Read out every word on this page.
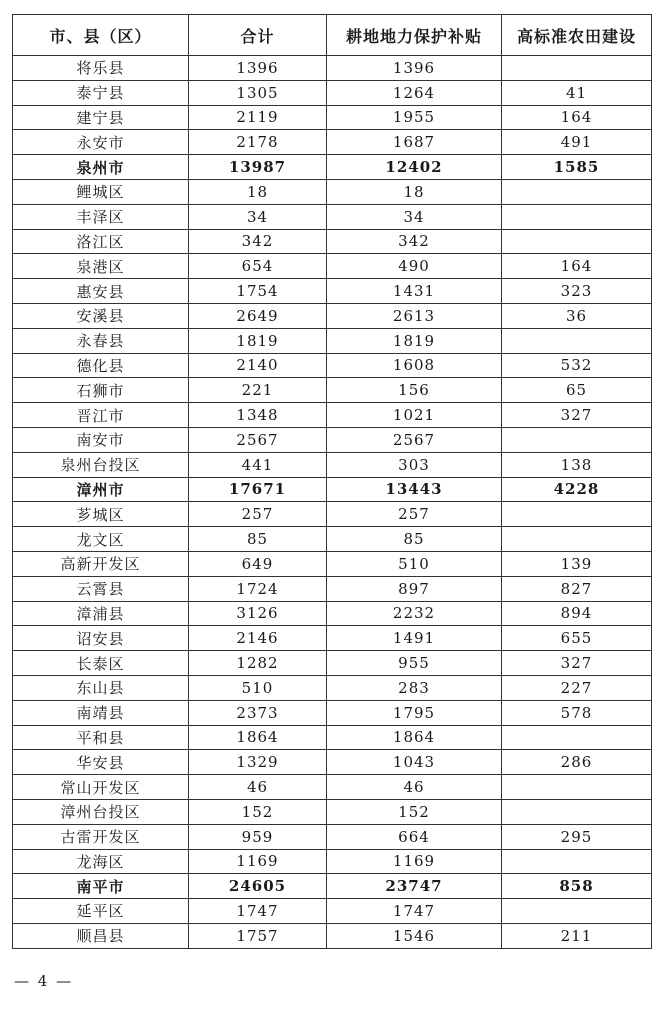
市、县（区）	合计	耕地地力保护补贴	高标准农田建设
将乐县	1396	1396	
泰宁县	1305	1264	41
建宁县	2119	1955	164
永安市	2178	1687	491
泉州市	13987	12402	1585
鲤城区	18	18	
丰泽区	34	34	
洛江区	342	342	
泉港区	654	490	164
惠安县	1754	1431	323
安溪县	2649	2613	36
永春县	1819	1819	
德化县	2140	1608	532
石狮市	221	156	65
晋江市	1348	1021	327
南安市	2567	2567	
泉州台投区	441	303	138
漳州市	17671	13443	4228
芗城区	257	257	
龙文区	85	85	
高新开发区	649	510	139
云霄县	1724	897	827
漳浦县	3126	2232	894
诏安县	2146	1491	655
长泰区	1282	955	327
东山县	510	283	227
南靖县	2373	1795	578
平和县	1864	1864	
华安县	1329	1043	286
常山开发区	46	46	
漳州台投区	152	152	
古雷开发区	959	664	295
龙海区	1169	1169	
南平市	24605	23747	858
延平区	1747	1747	
顺昌县	1757	1546	211
— 4 —
